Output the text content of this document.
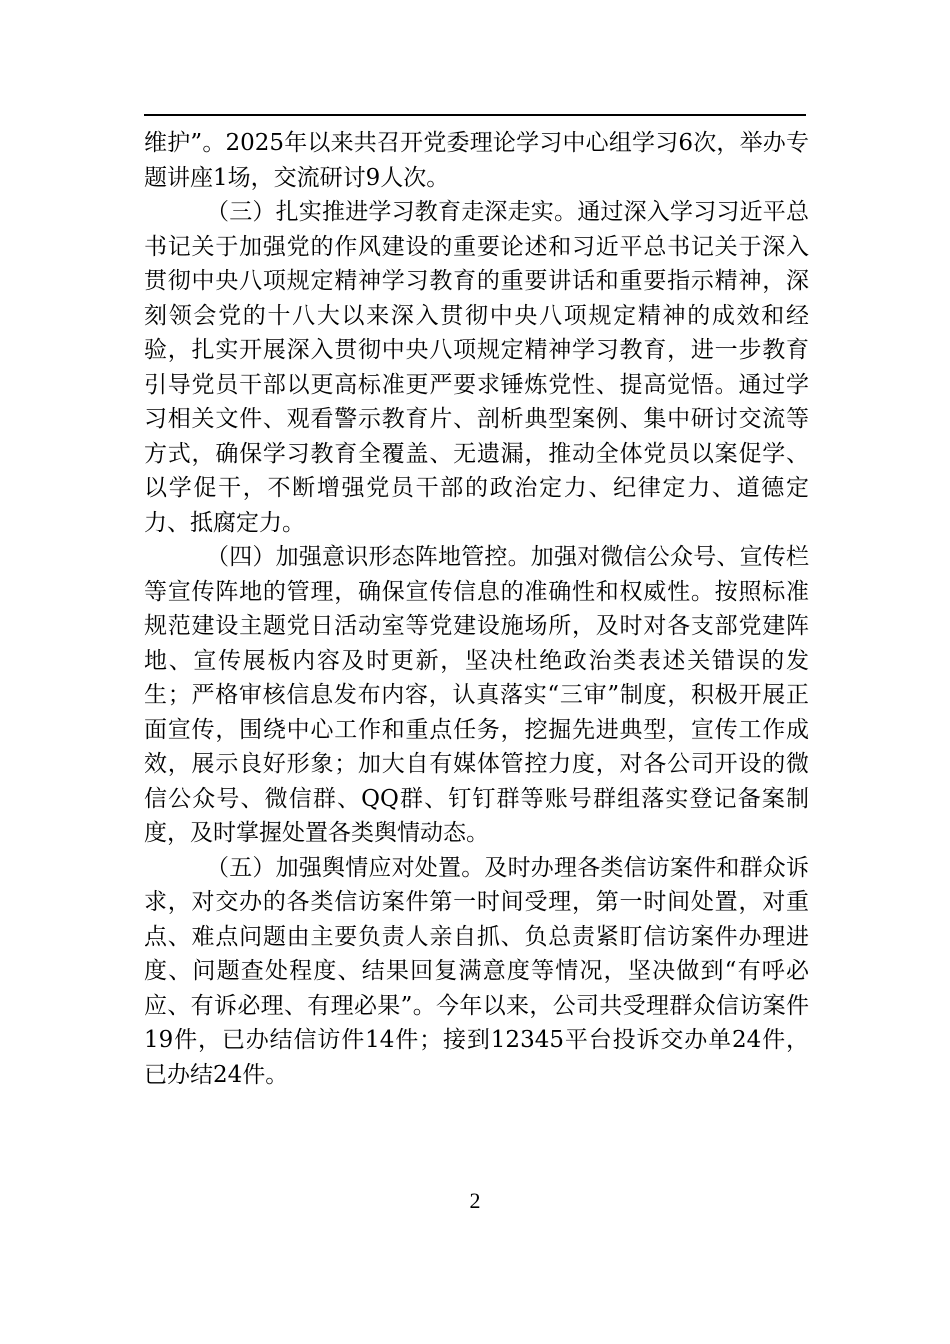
维护”。2025年以来共召开党委理论学习中心组学习6次，举办专题讲座1场，交流研讨9人次。

（三）扎实推进学习教育走深走实。通过深入学习习近平总书记关于加强党的作风建设的重要论述和习近平总书记关于深入贯彻中央八项规定精神学习教育的重要讲话和重要指示精神，深刻领会党的十八大以来深入贯彻中央八项规定精神的成效和经验，扎实开展深入贯彻中央八项规定精神学习教育，进一步教育引导党员干部以更高标准更严要求锤炼党性、提高觉悟。通过学习相关文件、观看警示教育片、剖析典型案例、集中研讨交流等方式，确保学习教育全覆盖、无遗漏，推动全体党员以案促学、以学促干，不断增强党员干部的政治定力、纪律定力、道德定力、抵腐定力。

（四）加强意识形态阵地管控。加强对微信公众号、宣传栏等宣传阵地的管理，确保宣传信息的准确性和权威性。按照标准规范建设主题党日活动室等党建设施场所，及时对各支部党建阵地、宣传展板内容及时更新，坚决杜绝政治类表述关错误的发生；严格审核信息发布内容，认真落实“三审”制度，积极开展正面宣传，围绕中心工作和重点任务，挖掘先进典型，宣传工作成效，展示良好形象；加大自有媒体管控力度，对各公司开设的微信公众号、微信群、QQ群、钉钉群等账号群组落实登记备案制度，及时掌握处置各类舆情动态。

（五）加强舆情应对处置。及时办理各类信访案件和群众诉求，对交办的各类信访案件第一时间受理，第一时间处置，对重点、难点问题由主要负责人亲自抓、负总责紧盯信访案件办理进度、问题查处程度、结果回复满意度等情况，坚决做到“有呼必应、有诉必理、有理必果”。今年以来，公司共受理群众信访案件19件，已办结信访件14件；接到12345平台投诉交办单24件，已办结24件。

2
